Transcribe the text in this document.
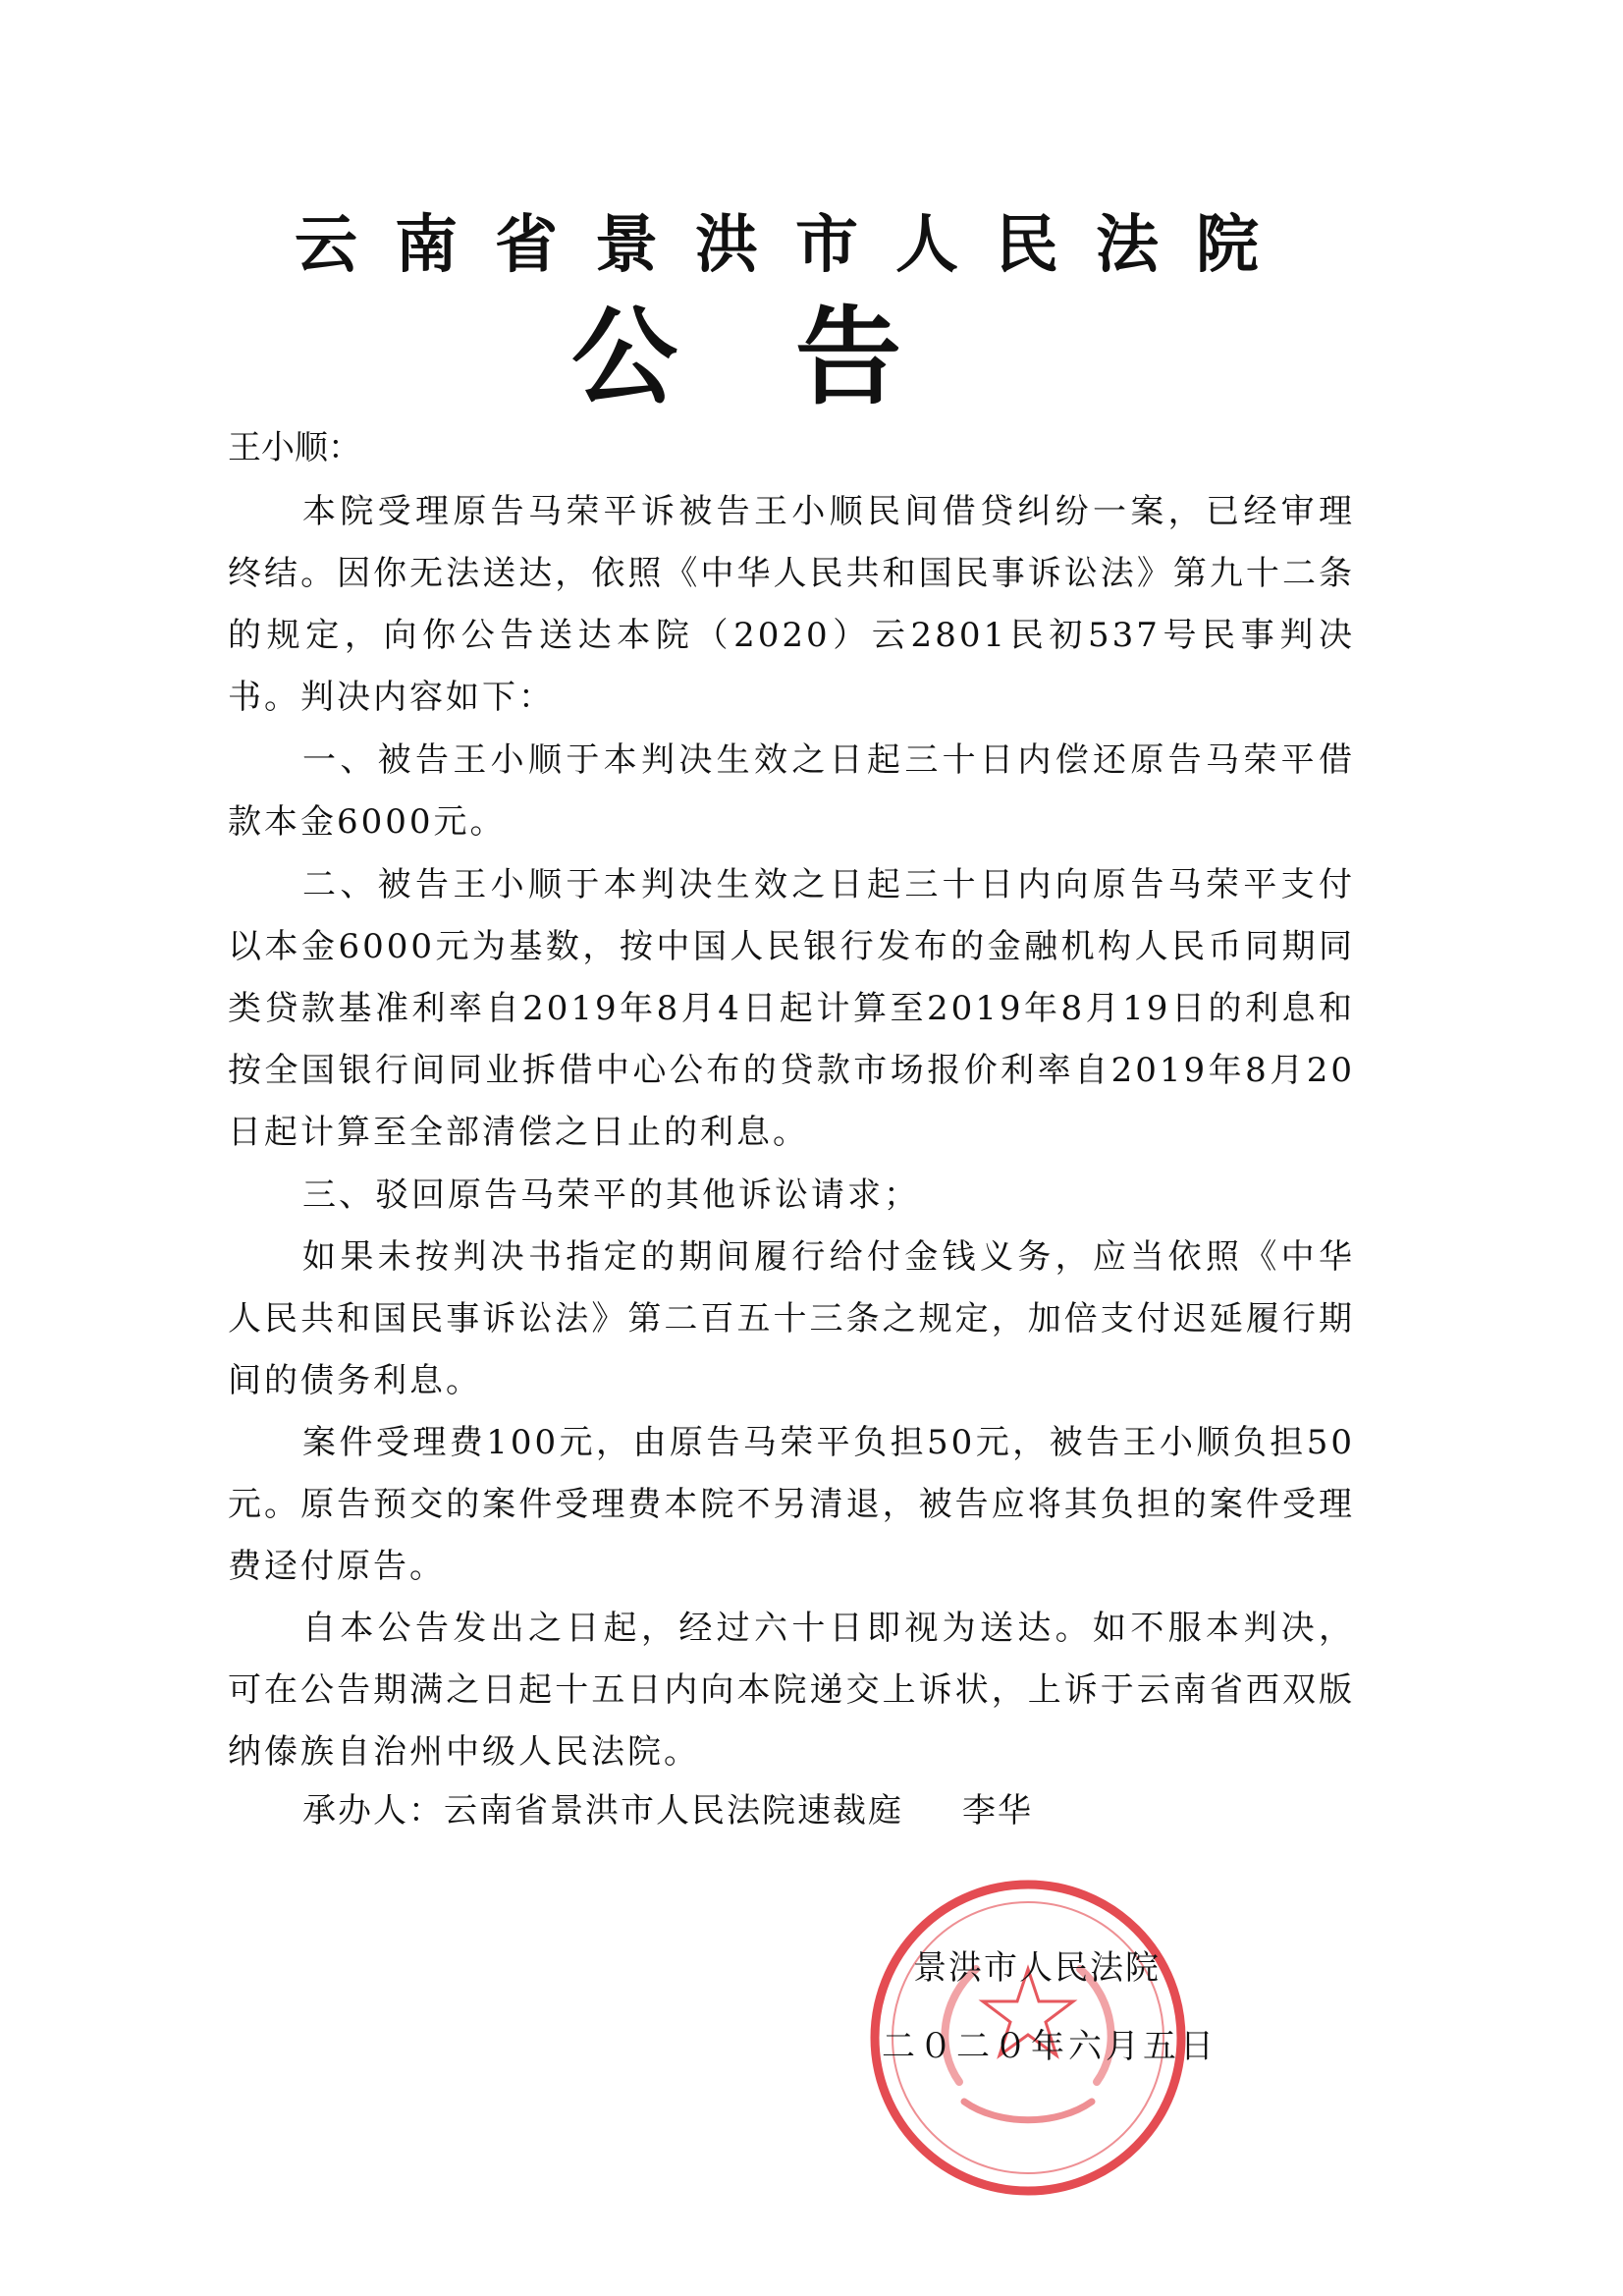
云南省景洪市人民法院
公告
王小顺：

本院受理原告马荣平诉被告王小顺民间借贷纠纷一案，已经审理终结。因你无法送达，依照《中华人民共和国民事诉讼法》第九十二条的规定，向你公告送达本院（2020）云2801民初537号民事判决书。判决内容如下：

一、被告王小顺于本判决生效之日起三十日内偿还原告马荣平借款本金6000元。

二、被告王小顺于本判决生效之日起三十日内向原告马荣平支付以本金6000元为基数，按中国人民银行发布的金融机构人民币同期同类贷款基准利率自2019年8月4日起计算至2019年8月19日的利息和按全国银行间同业拆借中心公布的贷款市场报价利率自2019年8月20日起计算至全部清偿之日止的利息。

三、驳回原告马荣平的其他诉讼请求；

如果未按判决书指定的期间履行给付金钱义务，应当依照《中华人民共和国民事诉讼法》第二百五十三条之规定，加倍支付迟延履行期间的债务利息。

案件受理费100元，由原告马荣平负担50元，被告王小顺负担50元。原告预交的案件受理费本院不另清退，被告应将其负担的案件受理费迳付原告。

自本公告发出之日起，经过六十日即视为送达。如不服本判决，可在公告期满之日起十五日内向本院递交上诉状，上诉于云南省西双版纳傣族自治州中级人民法院。

承办人：云南省景洪市人民法院速裁庭 李华
景洪市人民法院
二０二０年六月五日
